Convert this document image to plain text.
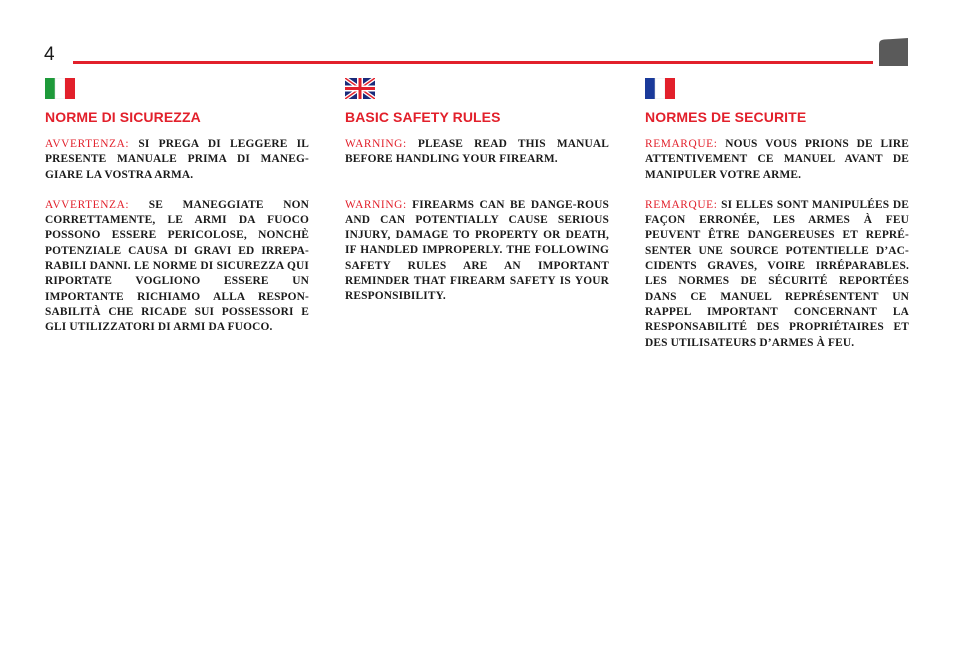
4
NORME DI SICUREZZA

AVVERTENZA: SI PREGA DI LEGGERE IL PRESENTE MANUALE PRIMA DI MANEG-GIARE LA VOSTRA ARMA.

AVVERTENZA: SE MANEGGIATE NON CORRETTAMENTE, LE ARMI DA FUOCO POSSONO ESSERE PERICOLOSE, NONCHÈ POTENZIALE CAUSA DI GRAVI ED IRREPA-RABILI DANNI. LE NORME DI SICUREZZA QUI RIPORTATE VOGLIONO ESSERE UN IMPORTANTE RICHIAMO ALLA RESPON-SABILITÀ CHE RICADE SUI POSSESSORI E GLI UTILIZZATORI DI ARMI DA FUOCO.

BASIC SAFETY RULES

WARNING: PLEASE READ THIS MANUAL BEFORE HANDLING YOUR FIREARM.

WARNING: FIREARMS CAN BE DANGE-ROUS AND CAN POTENTIALLY CAUSE SERIOUS INJURY, DAMAGE TO PROPERTY OR DEATH, IF HANDLED IMPROPERLY. THE FOLLOWING SAFETY RULES ARE AN IMPORTANT REMINDER THAT FIREARM SAFETY IS YOUR RESPONSIBILITY.

NORMES DE SECURITE

REMARQUE: NOUS VOUS PRIONS DE LIRE ATTENTIVEMENT CE MANUEL AVANT DE MANIPULER VOTRE ARME.

REMARQUE: SI ELLES SONT MANIPULÉES DE FAÇON ERRONÉE, LES ARMES À FEU PEUVENT ÊTRE DANGEREUSES ET REPRÉ-SENTER UNE SOURCE POTENTIELLE D’AC-CIDENTS GRAVES, VOIRE IRRÉPARABLES. LES NORMES DE SÉCURITÉ REPORTÉES DANS CE MANUEL REPRÉSENTENT UN RAPPEL IMPORTANT CONCERNANT LA RESPONSABILITÉ DES PROPRIÉTAIRES ET DES UTILISATEURS D’ARMES À FEU.
